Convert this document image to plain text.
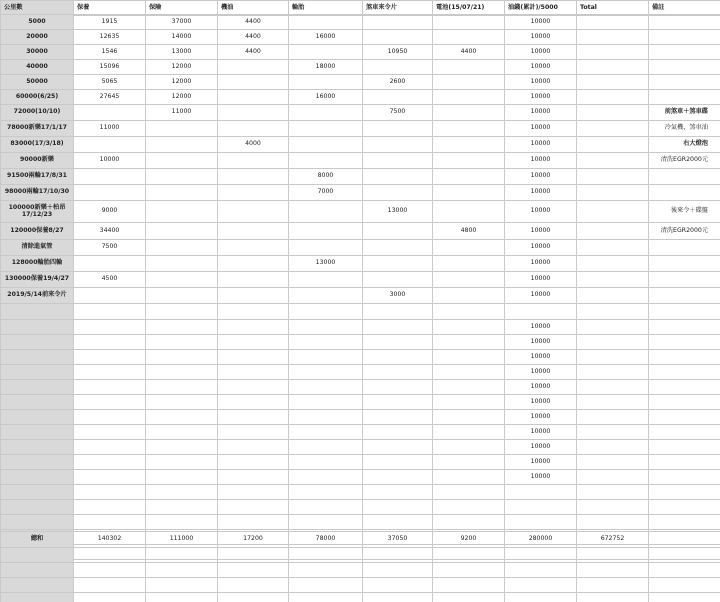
公里數	保養	保險	機油	輪胎	煞車來令片	電池(15/07/21)	油錢(累計)/5000	Total	備註
5000	1915	37000	4400				10000		
20000	12635	14000	4400	16000			10000		
30000	1546	13000	4400		10950	4400	10000		
40000	15096	12000		18000			10000		
50000	5065	12000			2600		10000		
60000(6/25)	27645	12000		16000			10000		
72000(10/10)		11000			7500		10000		前煞車＋煞車碟
78000新樂17/1/17	11000						10000		冷氣機，煞車油
83000(17/3/18)			4000				10000		右大燈泡
90000新樂	10000						10000		清洗EGR2000元
91500兩輪17/8/31				8000			10000		
98000兩輪17/10/30				7000			10000		
100000新樂＋柏昂 17/12/23	9000				13000		10000		後來令＋碟盤
120000保養8/27	34400					4800	10000		清洗EGR2000元
清除進氣管	7500						10000		
128000輪胎四輪				13000			10000		
130000保養19/4/27	4500						10000		
2019/5/14前來令片					3000		10000		

							10000		
							10000		
							10000		
							10000		
							10000		
							10000		
							10000		
							10000		
							10000		
							10000		
							10000		

總和	140302	111000	17200	78000	37050	9200	280000	672752	
